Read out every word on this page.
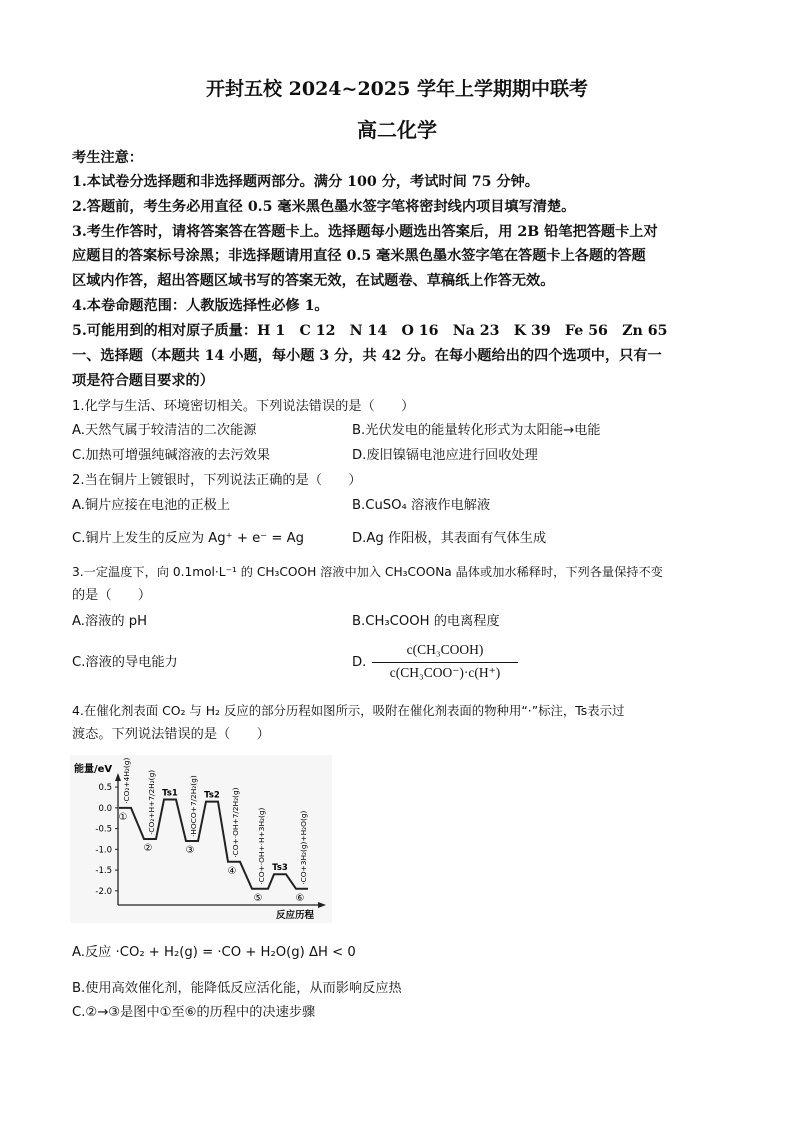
开封五校 2024~2025 学年上学期期中联考
高二化学
考生注意：
1.本试卷分选择题和非选择题两部分。满分 100 分，考试时间 75 分钟。
2.答题前，考生务必用直径 0.5 毫米黑色墨水签字笔将密封线内项目填写清楚。
3.考生作答时，请将答案答在答题卡上。选择题每小题选出答案后，用 2B 铅笔把答题卡上对
应题目的答案标号涂黑；非选择题请用直径 0.5 毫米黑色墨水签字笔在答题卡上各题的答题
区域内作答，超出答题区域书写的答案无效，在试题卷、草稿纸上作答无效。
4.本卷命题范围：人教版选择性必修 1。
5.可能用到的相对原子质量：H 1　C 12　N 14　O 16　Na 23　K 39　Fe 56　Zn 65
一、选择题（本题共 14 小题，每小题 3 分，共 42 分。在每小题给出的四个选项中，只有一
项是符合题目要求的）
1.化学与生活、环境密切相关。下列说法错误的是（　　）
A.天然气属于较清洁的二次能源	B.光伏发电的能量转化形式为太阳能→电能
C.加热可增强纯碱溶液的去污效果	D.废旧镍镉电池应进行回收处理
2.当在铜片上镀银时，下列说法正确的是（　　）
A.铜片应接在电池的正极上	B.CuSO₄ 溶液作电解液
C.铜片上发生的反应为 Ag⁺ + e⁻ = Ag	D.Ag 作阳极，其表面有气体生成
3.一定温度下，向 0.1mol·L⁻¹ 的 CH₃COOH 溶液中加入 CH₃COONa 晶体或加水稀释时，下列各量保持不变
的是（　　）
A.溶液的 pH	B.CH₃COOH 的电离程度
C.溶液的导电能力	D.
c(CH₃COOH)
c(CH₃COO⁻)·c(H⁺)
4.在催化剂表面 CO₂ 与 H₂ 反应的部分历程如图所示，吸附在催化剂表面的物种用“·”标注，Ts表示过
渡态。下列说法错误的是（　　）
能量/eV
反应历程
0.5
0.0
-0.5
-1.0
-1.5
-2.0
①
·CO₂+4H₂(g)
②
·CO₂+H+7/2H₂(g) Ts1
③
·HOCO+7/2H₂(g) Ts2
④
·CO+·OH+7/2H₂(g)
⑤
·CO+·OH+·H+3H₂(g) Ts3
⑥
·CO+3H₂(g)+H₂O(g)
A.反应 ·CO₂ + H₂(g) = ·CO + H₂O(g) ΔH < 0
B.使用高效催化剂，能降低反应活化能，从而影响反应热
C.②→③是图中①至⑥的历程中的决速步骤
